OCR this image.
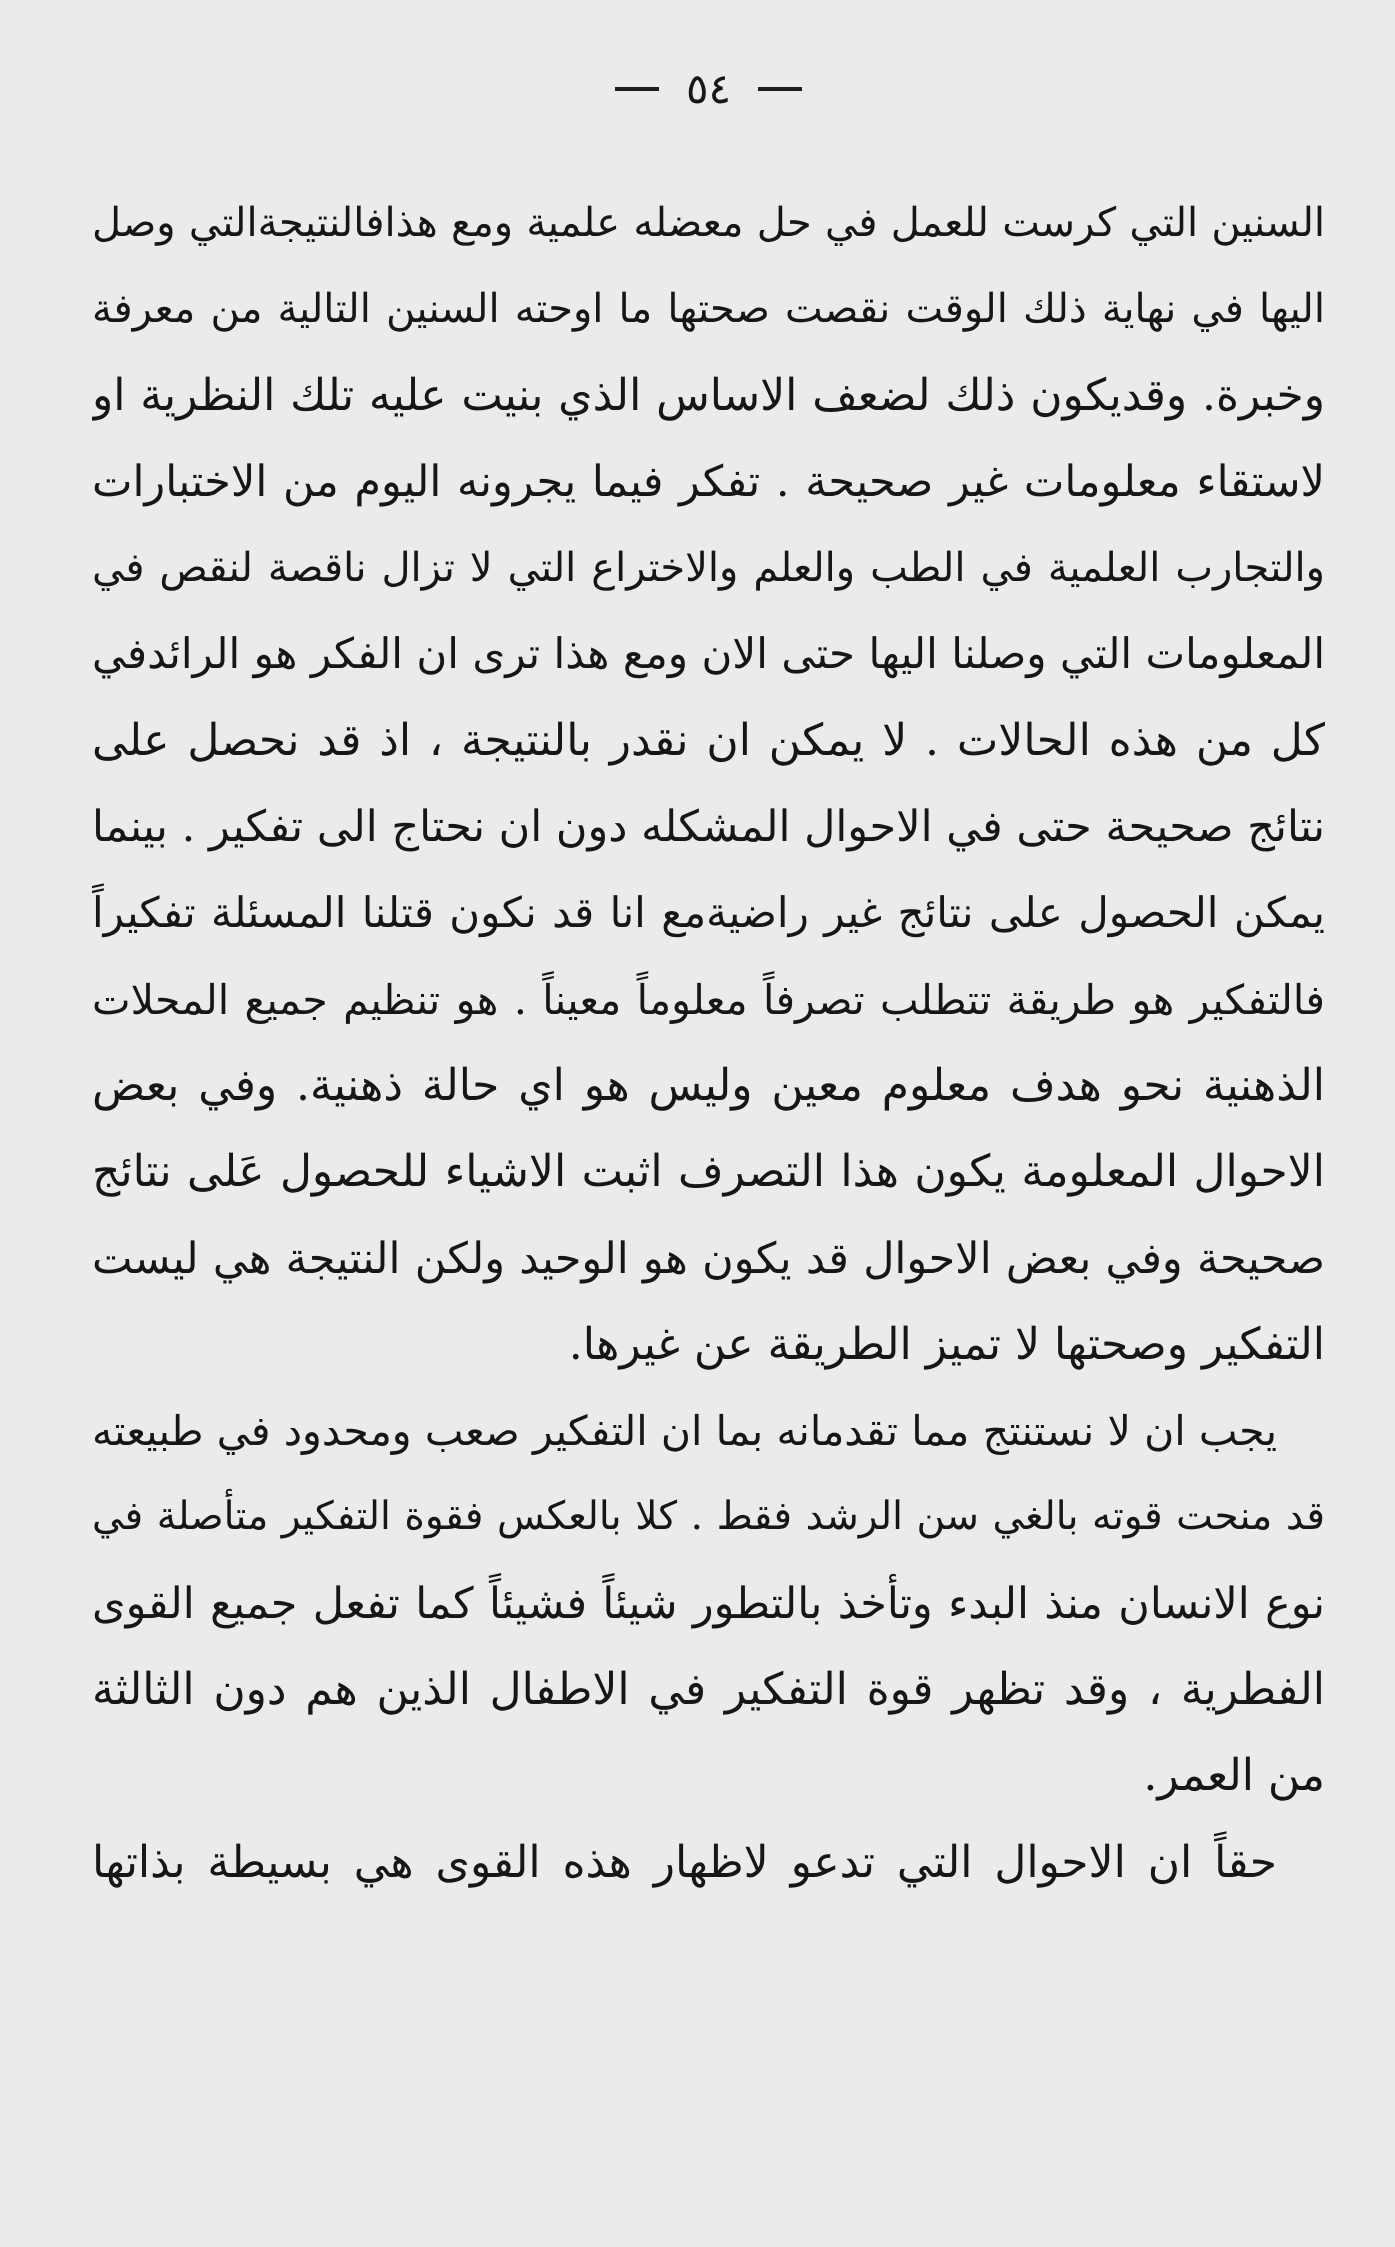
٥٤
السنين التي كرست للعمل في حل معضله علمية ومع هذافالنتيجةالتي وصل
اليها في نهاية ذلك الوقت نقصت صحتها ما اوحته السنين التالية من معرفة
وخبرة. وقديكون ذلك لضعف الاساس الذي بنيت عليه تلك النظرية او
لاستقاء معلومات غير صحيحة . تفكر فيما يجرونه اليوم من الاختبارات
والتجارب العلمية في الطب والعلم والاختراع التي لا تزال ناقصة لنقص في
المعلومات التي وصلنا اليها حتى الان ومع هذا ترى ان الفكر هو الرائدفي
كل من هذه الحالات . لا يمكن ان نقدر بالنتيجة ، اذ قد نحصل على
نتائج صحيحة حتى في الاحوال المشكله دون ان نحتاج الى تفكير . بينما
يمكن الحصول على نتائج غير راضيةمع انا قد نكون قتلنا المسئلة تفكيراً
فالتفكير هو طريقة تتطلب تصرفاً معلوماً معيناً . هو تنظيم جميع المحلات
الذهنية نحو هدف معلوم معين وليس هو اي حالة ذهنية. وفي بعض
الاحوال المعلومة يكون هذا التصرف اثبت الاشياء للحصول عَلى نتائج
صحيحة وفي بعض الاحوال قد يكون هو الوحيد ولكن النتيجة هي ليست
التفكير وصحتها لا تميز الطريقة عن غيرها.
يجب ان لا نستنتج مما تقدمانه بما ان التفكير صعب ومحدود في طبيعته
قد منحت قوته بالغي سن الرشد فقط . كلا بالعكس فقوة التفكير متأصلة في
نوع الانسان منذ البدء وتأخذ بالتطور شيئاً فشيئاً كما تفعل جميع القوى
الفطرية ، وقد تظهر قوة التفكير في الاطفال الذين هم دون الثالثة
من العمر.
حقاً ان الاحوال التي تدعو لاظهار هذه القوى هي بسيطة بذاتها
